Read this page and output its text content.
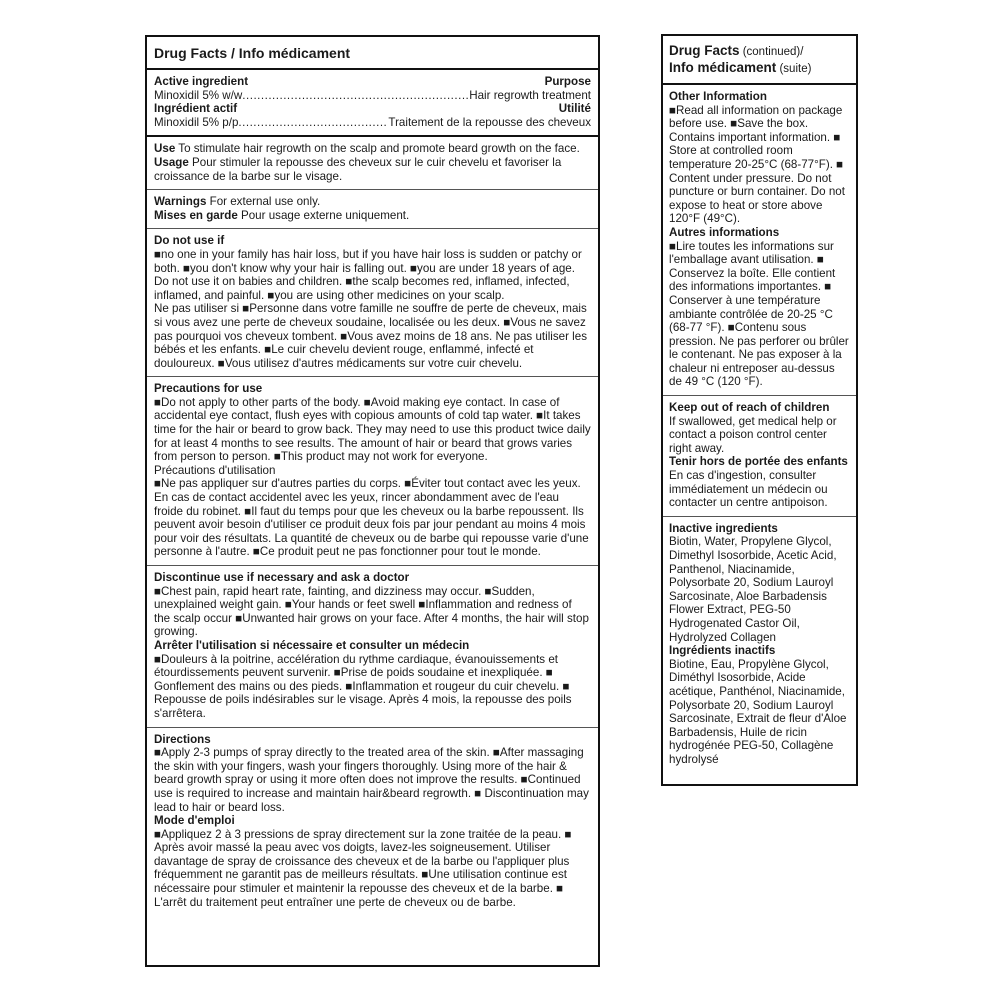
Drug Facts / Info médicament
Active ingredient	Purpose
Minoxidil 5% w/w .....	Hair regrowth treatment
Ingrédient actif	Utilité
Minoxidil 5% p/p .....	Traitement de la repousse des cheveux

Use To stimulate hair regrowth on the scalp and promote beard growth on the face.

Usage Pour stimuler la repousse des cheveux sur le cuir chevelu et favoriser la croissance de la barbe sur le visage.

Warnings For external use only.

Mises en garde Pour usage externe uniquement.

Do not use if

■no one in your family has hair loss, but if you have hair loss is sudden or patchy or both. ■you don't know why your hair is falling out. ■you are under 18 years of age. Do not use it on babies and children. ■the scalp becomes red, inflamed, infected, inflamed, and painful. ■you are using other medicines on your scalp.

Ne pas utiliser si ■Personne dans votre famille ne souffre de perte de cheveux, mais si vous avez une perte de cheveux soudaine, localisée ou les deux. ■Vous ne savez pas pourquoi vos cheveux tombent. ■Vous avez moins de 18 ans. Ne pas utiliser les bébés et les enfants. ■Le cuir chevelu devient rouge, enflammé, infecté et douloureux. ■Vous utilisez d'autres médicaments sur votre cuir chevelu.

Precautions for use

■Do not apply to other parts of the body. ■Avoid making eye contact. In case of accidental eye contact, flush eyes with copious amounts of cold tap water. ■It takes time for the hair or beard to grow back. They may need to use this product twice daily for at least 4 months to see results. The amount of hair or beard that grows varies from person to person. ■This product may not work for everyone.

Précautions d'utilisation

■Ne pas appliquer sur d'autres parties du corps. ■Éviter tout contact avec les yeux. En cas de contact accidentel avec les yeux, rincer abondamment avec de l'eau froide du robinet. ■Il faut du temps pour que les cheveux ou la barbe repoussent. Ils peuvent avoir besoin d'utiliser ce produit deux fois par jour pendant au moins 4 mois pour voir des résultats. La quantité de cheveux ou de barbe qui repousse varie d'une personne à l'autre. ■Ce produit peut ne pas fonctionner pour tout le monde.

Discontinue use if necessary and ask a doctor

■Chest pain, rapid heart rate, fainting, and dizziness may occur. ■Sudden, unexplained weight gain. ■Your hands or feet swell ■Inflammation and redness of the scalp occur ■Unwanted hair grows on your face. After 4 months, the hair will stop growing.

Arrêter l'utilisation si nécessaire et consulter un médecin

■Douleurs à la poitrine, accélération du rythme cardiaque, évanouissements et étourdissements peuvent survenir. ■Prise de poids soudaine et inexpliquée. ■ Gonflement des mains ou des pieds. ■Inflammation et rougeur du cuir chevelu. ■ Repousse de poils indésirables sur le visage. Après 4 mois, la repousse des poils s'arrêtera.

Directions

■Apply 2-3 pumps of spray directly to the treated area of the skin. ■After massaging the skin with your fingers, wash your fingers thoroughly. Using more of the hair & beard growth spray or using it more often does not improve the results. ■Continued use is required to increase and maintain hair&beard regrowth. ■ Discontinuation may lead to hair or beard loss.

Mode d'emploi

■Appliquez 2 à 3 pressions de spray directement sur la zone traitée de la peau. ■ Après avoir massé la peau avec vos doigts, lavez-les soigneusement. Utiliser davantage de spray de croissance des cheveux et de la barbe ou l'appliquer plus fréquemment ne garantit pas de meilleurs résultats. ■Une utilisation continue est nécessaire pour stimuler et maintenir la repousse des cheveux et de la barbe. ■ L'arrêt du traitement peut entraîner une perte de cheveux ou de barbe.

Drug Facts (continued)/
Info médicament (suite)

Other Information

■Read all information on package before use. ■Save the box. Contains important information. ■ Store at controlled room temperature 20-25°C (68-77°F). ■ Content under pressure. Do not puncture or burn container. Do not expose to heat or store above 120°F (49°C).

Autres informations

■Lire toutes les informations sur l'emballage avant utilisation. ■ Conservez la boîte. Elle contient des informations importantes. ■ Conserver à une température ambiante contrôlée de 20-25 °C (68-77 °F). ■Contenu sous pression. Ne pas perforer ou brûler le contenant. Ne pas exposer à la chaleur ni entreposer au-dessus de 49 °C (120 °F).

Keep out of reach of children

If swallowed, get medical help or contact a poison control center right away.

Tenir hors de portée des enfants

En cas d'ingestion, consulter immédiatement un médecin ou contacter un centre antipoison.

Inactive ingredients

Biotin, Water, Propylene Glycol, Dimethyl Isosorbide, Acetic Acid, Panthenol, Niacinamide, Polysorbate 20, Sodium Lauroyl Sarcosinate, Aloe Barbadensis Flower Extract, PEG-50 Hydrogenated Castor Oil, Hydrolyzed Collagen

Ingrédients inactifs

Biotine, Eau, Propylène Glycol, Diméthyl Isosorbide, Acide acétique, Panthénol, Niacinamide, Polysorbate 20, Sodium Lauroyl Sarcosinate, Extrait de fleur d'Aloe Barbadensis, Huile de ricin hydrogénée PEG-50, Collagène hydrolysé
